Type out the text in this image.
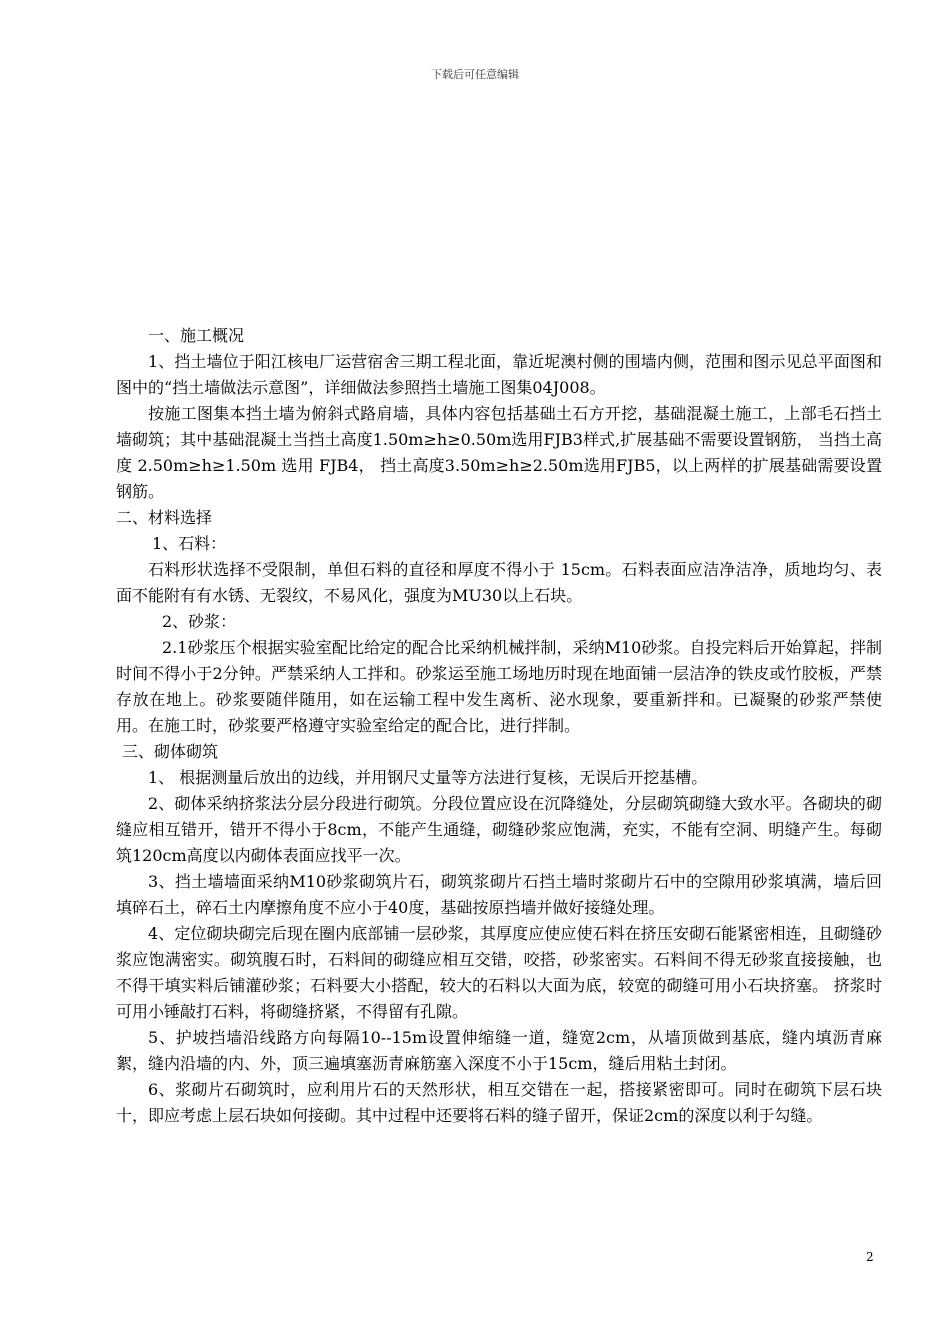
下载后可任意编辑

一、施工概况

1、挡土墙位于阳江核电厂运营宿舍三期工程北面，靠近坭澳村侧的围墙内侧，范围和图示见总平面图和图中的“挡土墙做法示意图”，详细做法参照挡土墙施工图集04J008。

按施工图集本挡土墙为俯斜式路肩墙，具体内容包括基础土石方开挖，基础混凝土施工，上部毛石挡土墙砌筑；其中基础混凝土当挡土高度1.50m≥h≥0.50m选用FJB3样式,扩展基础不需要设置钢筋， 当挡土高度 2.50m≥h≥1.50m 选用 FJB4， 挡土高度3.50m≥h≥2.50m选用FJB5，以上两样的扩展基础需要设置钢筋。

二、材料选择

1、石料：

石料形状选择不受限制，单但石料的直径和厚度不得小于 15cm。石料表面应洁净洁净，质地均匀、表面不能附有有水锈、无裂纹，不易风化，强度为MU30以上石块。

2、砂浆：

2.1砂浆压个根据实验室配比给定的配合比采纳机械拌制，采纳M10砂浆。自投完料后开始算起，拌制时间不得小于2分钟。严禁采纳人工拌和。砂浆运至施工场地历时现在地面铺一层洁净的铁皮或竹胶板，严禁存放在地上。砂浆要随伴随用，如在运输工程中发生离析、泌水现象，要重新拌和。已凝聚的砂浆严禁使用。在施工时，砂浆要严格遵守实验室给定的配合比，进行拌制。

三、砌体砌筑

1、 根据测量后放出的边线，并用钢尺丈量等方法进行复核，无误后开挖基槽。

2、砌体采纳挤浆法分层分段进行砌筑。分段位置应设在沉降缝处，分层砌筑砌缝大致水平。各砌块的砌缝应相互错开，错开不得小于8cm，不能产生通缝，砌缝砂浆应饱满，充实，不能有空洞、明缝产生。每砌筑120cm高度以内砌体表面应找平一次。

3、挡土墙墙面采纳M10砂浆砌筑片石，砌筑浆砌片石挡土墙时浆砌片石中的空隙用砂浆填满，墙后回填碎石土，碎石土内摩擦角度不应小于40度，基础按原挡墙并做好接缝处理。

4、定位砌块砌完后现在圈内底部铺一层砂浆，其厚度应使应使石料在挤压安砌石能紧密相连，且砌缝砂浆应饱满密实。砌筑腹石时，石料间的砌缝应相互交错，咬搭，砂浆密实。石料间不得无砂浆直接接触，也不得干填实料后铺灌砂浆；石料要大小搭配，较大的石料以大面为底，较宽的砌缝可用小石块挤塞。 挤浆时可用小锤敲打石料，将砌缝挤紧，不得留有孔隙。

5、护坡挡墙沿线路方向每隔10--15m设置伸缩缝一道，缝宽2cm，从墙顶做到基底，缝内填沥青麻絮，缝内沿墙的内、外，顶三遍填塞沥青麻筋塞入深度不小于15cm，缝后用粘土封闭。

6、浆砌片石砌筑时，应利用片石的天然形状，相互交错在一起，搭接紧密即可。同时在砌筑下层石块十，即应考虑上层石块如何接砌。其中过程中还要将石料的缝子留开，保证2cm的深度以利于勾缝。

2
